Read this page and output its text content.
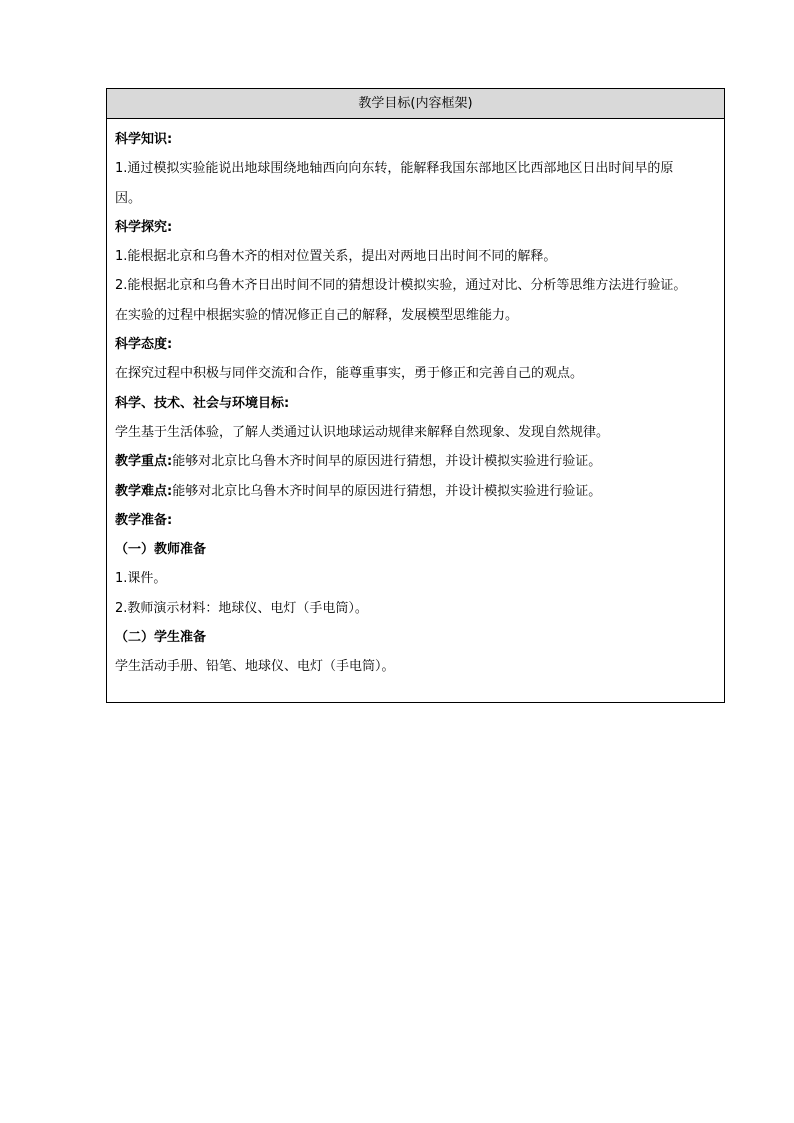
教学目标(内容框架)
科学知识:
1.通过模拟实验能说出地球围绕地轴西向向东转，能解释我国东部地区比西部地区日出时间早的原
因。
科学探究:
1.能根据北京和乌鲁木齐的相对位置关系，提出对两地日出时间不同的解释。
2.能根据北京和乌鲁木齐日出时间不同的猜想设计模拟实验，通过对比、分析等思维方法进行验证。
在实验的过程中根据实验的情况修正自己的解释，发展模型思维能力。
科学态度:
在探究过程中积极与同伴交流和合作，能尊重事实，勇于修正和完善自己的观点。
科学、技术、社会与环境目标:
学生基于生活体验，了解人类通过认识地球运动规律来解释自然现象、发现自然规律。
教学重点:能够对北京比乌鲁木齐时间早的原因进行猜想，并设计模拟实验进行验证。
教学难点:能够对北京比乌鲁木齐时间早的原因进行猜想，并设计模拟实验进行验证。
教学准备:
（一）教师准备
1.课件。
2.教师演示材料：地球仪、电灯（手电筒）。
（二）学生准备
学生活动手册、铅笔、地球仪、电灯（手电筒）。
